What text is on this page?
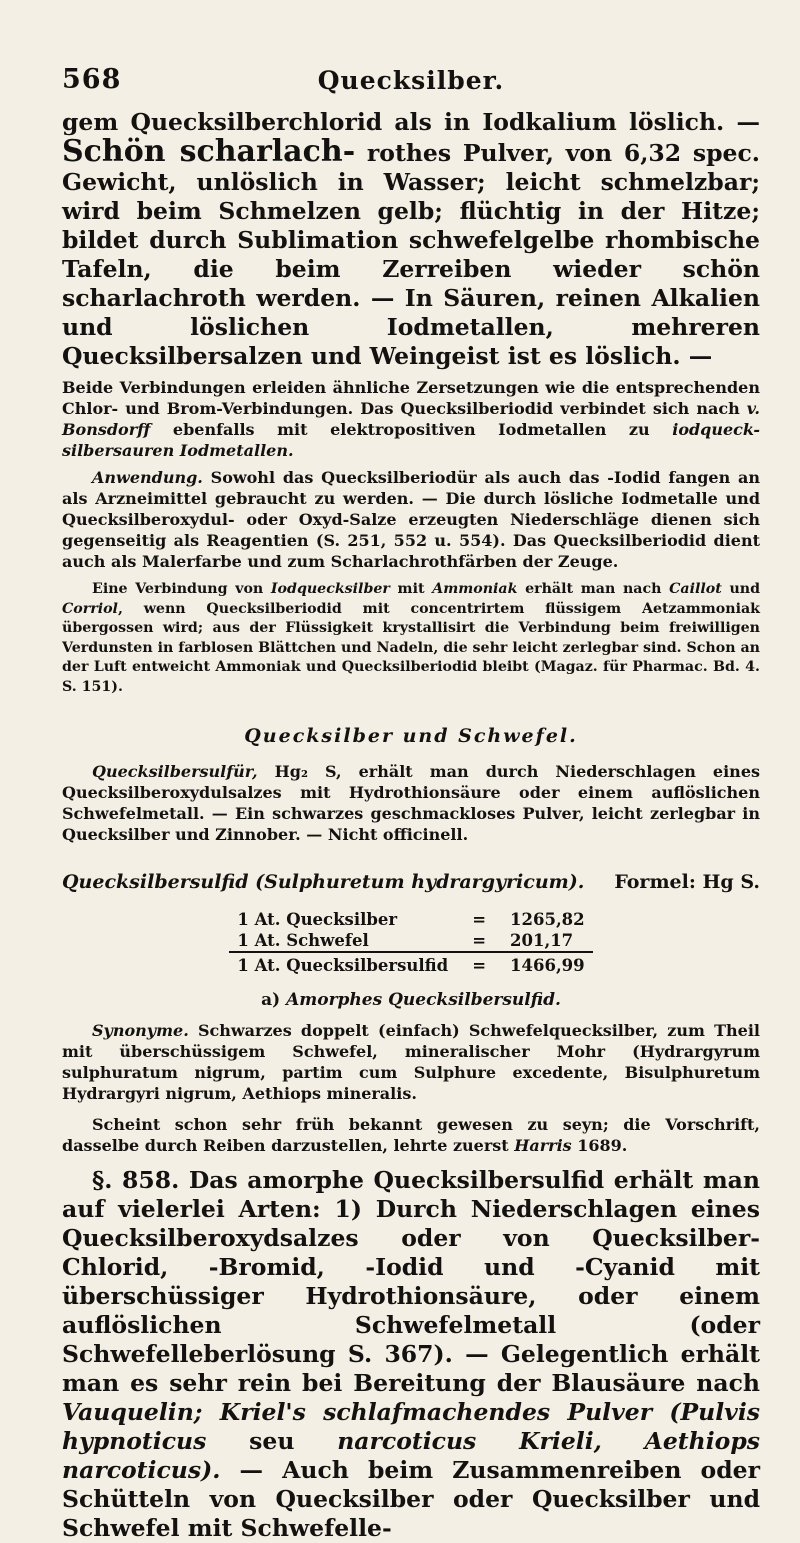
568	Quecksilber.

gem Quecksilberchlorid als in Iodkalium löslich. — Schön scharlach- rothes Pulver, von 6,32 spec. Gewicht, unlöslich in Wasser; leicht schmelzbar; wird beim Schmelzen gelb; flüchtig in der Hitze; bildet durch Sublimation schwefelgelbe rhombische Tafeln, die beim Zerreiben wieder schön scharlachroth werden. — In Säuren, reinen Alkalien und löslichen Iodmetallen, mehreren Quecksilbersalzen und Weingeist ist es löslich. —

Beide Verbindungen erleiden ähnliche Zersetzungen wie die entsprechenden Chlor- und Brom-Verbindungen. Das Quecksilberiodid verbindet sich nach v. Bonsdorff ebenfalls mit elektropositiven Iodmetallen zu iodqueck-silbersauren Iodmetallen.

Anwendung. Sowohl das Quecksilberiodür als auch das -Iodid fangen an als Arzneimittel gebraucht zu werden. — Die durch lösliche Iodmetalle und Quecksilberoxydul- oder Oxyd-Salze erzeugten Niederschläge dienen sich gegenseitig als Reagentien (S. 251, 552 u. 554). Das Quecksilberiodid dient auch als Malerfarbe und zum Scharlachrothfärben der Zeuge.

Eine Verbindung von Iodquecksilber mit Ammoniak erhält man nach Caillot und Corriol, wenn Quecksilberiodid mit concentrirtem flüssigem Aetzammoniak übergossen wird; aus der Flüssigkeit krystallisirt die Verbindung beim freiwilligen Verdunsten in farblosen Blättchen und Nadeln, die sehr leicht zerlegbar sind. Schon an der Luft entweicht Ammoniak und Quecksilberiodid bleibt (Magaz. für Pharmac. Bd. 4. S. 151).

Quecksilber und Schwefel.

Quecksilbersulfür, Hg₂ S, erhält man durch Niederschlagen eines Quecksilberoxydulsalzes mit Hydrothionsäure oder einem auflöslichen Schwefelmetall. — Ein schwarzes geschmackloses Pulver, leicht zerlegbar in Quecksilber und Zinnober. — Nicht officinell.

Quecksilbersulfid (Sulphuretum hydrargyricum). Formel: Hg S.
1 At. Quecksilber	=	1265,82
1 At. Schwefel	=	201,17
1 At. Quecksilbersulfid	=	1466,99
a) Amorphes Quecksilbersulfid.

Synonyme. Schwarzes doppelt (einfach) Schwefelquecksilber, zum Theil mit überschüssigem Schwefel, mineralischer Mohr (Hydrargyrum sulphuratum nigrum, partim cum Sulphure excedente, Bisulphuretum Hydrargyri nigrum, Aethiops mineralis.

Scheint schon sehr früh bekannt gewesen zu seyn; die Vorschrift, dasselbe durch Reiben darzustellen, lehrte zuerst Harris 1689.

§. 858. Das amorphe Quecksilbersulfid erhält man auf vielerlei Arten: 1) Durch Niederschlagen eines Quecksilberoxydsalzes oder von Quecksilber-Chlorid, -Bromid, -Iodid und -Cyanid mit überschüssiger Hydrothionsäure, oder einem auflöslichen Schwefelmetall (oder Schwefelleberlösung S. 367). — Gelegentlich erhält man es sehr rein bei Bereitung der Blausäure nach Vauquelin; Kriel's schlafmachendes Pulver (Pulvis hypnoticus seu narcoticus Krieli, Aethiops narcoticus). — Auch beim Zusammenreiben oder Schütteln von Quecksilber oder Quecksilber und Schwefel mit Schwefelle-
